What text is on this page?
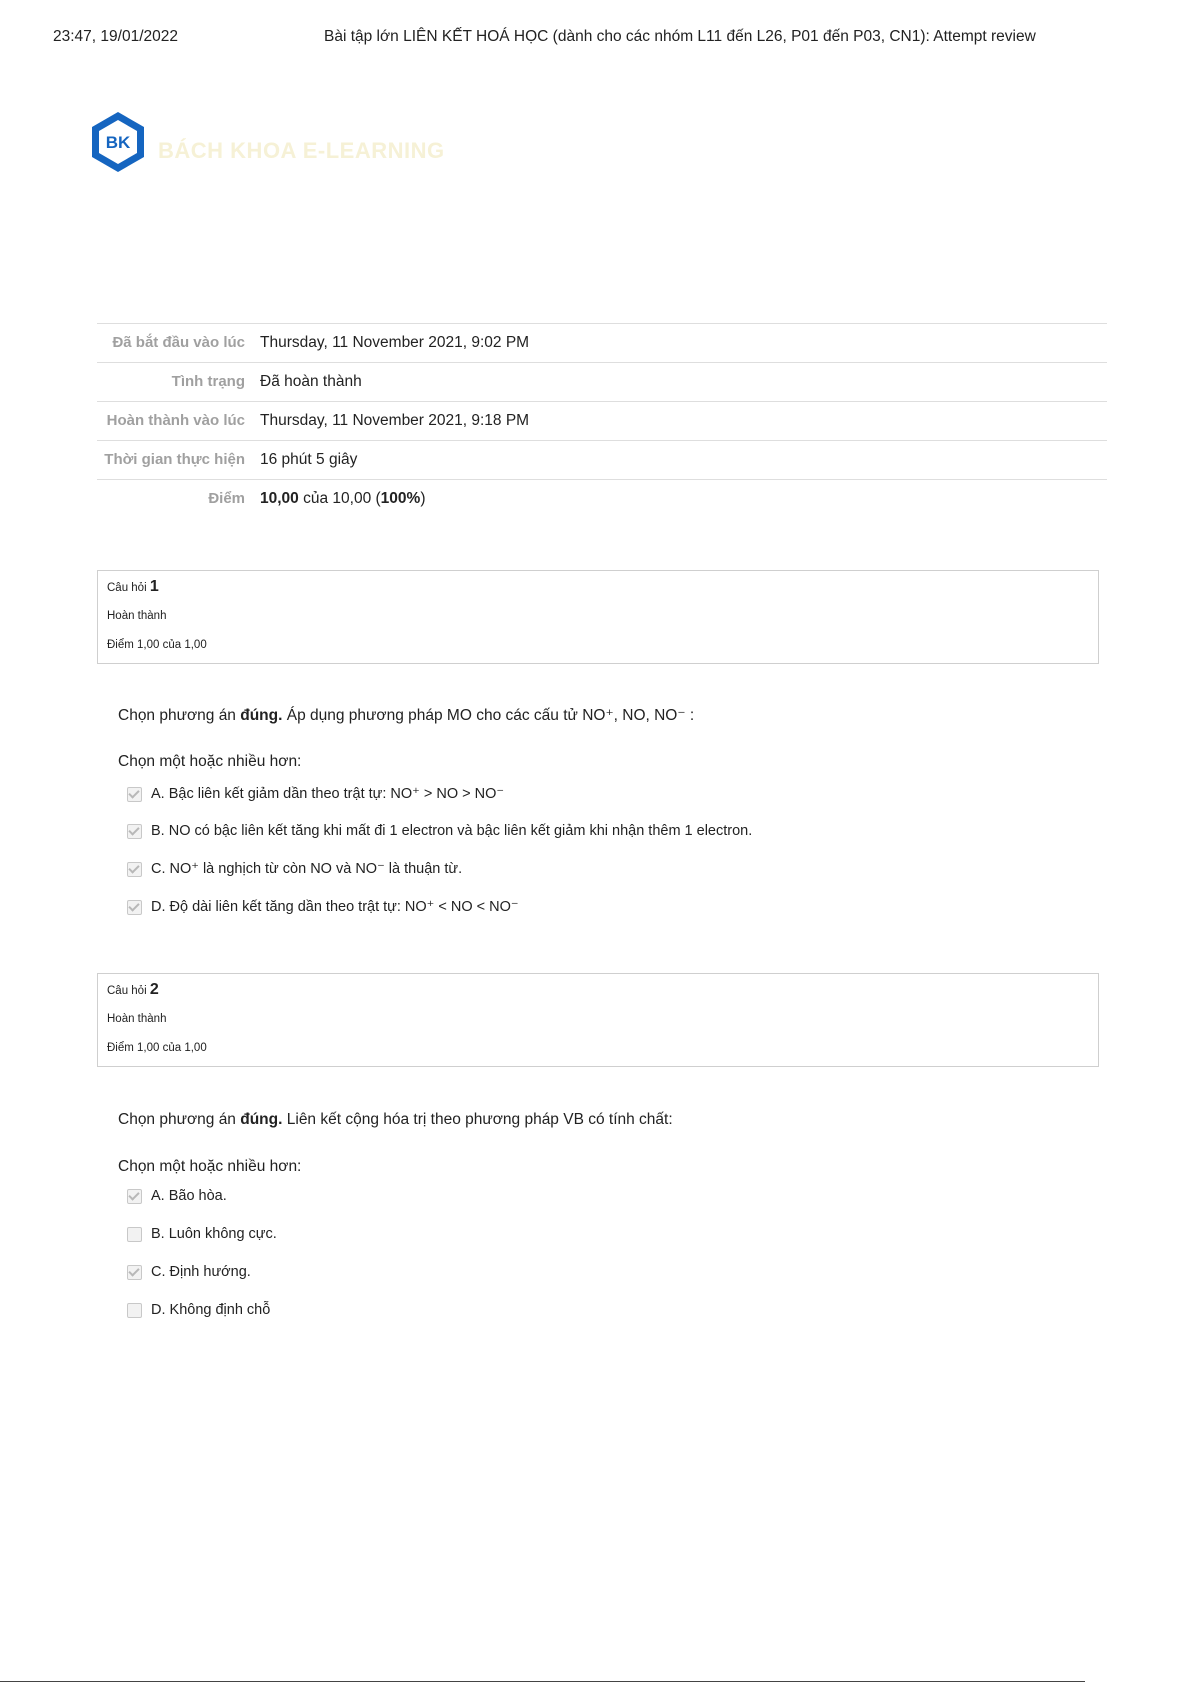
23:47, 19/01/2022	Bài tập lớn LIÊN KẾT HOÁ HỌC (dành cho các nhóm L11 đến L26, P01 đến P03, CN1): Attempt review
BK BÁCH KHOA E-LEARNING
Đã bắt đầu vào lúc	Thursday, 11 November 2021, 9:02 PM
Tình trạng	Đã hoàn thành
Hoàn thành vào lúc	Thursday, 11 November 2021, 9:18 PM
Thời gian thực hiện	16 phút 5 giây
Điểm	10,00 của 10,00 (100%)
Câu hỏi 1
Hoàn thành
Điểm 1,00 của 1,00
Chọn phương án đúng. Áp dụng phương pháp MO cho các cấu tử NO⁺, NO, NO⁻ :
Chọn một hoặc nhiều hơn:
A. Bậc liên kết giảm dần theo trật tự: NO⁺ > NO > NO⁻
B. NO có bậc liên kết tăng khi mất đi 1 electron và bậc liên kết giảm khi nhận thêm 1 electron.
C. NO⁺ là nghịch từ còn NO và NO⁻ là thuận từ.
D. Độ dài liên kết tăng dần theo trật tự: NO⁺ < NO < NO⁻
Câu hỏi 2
Hoàn thành
Điểm 1,00 của 1,00
Chọn phương án đúng. Liên kết cộng hóa trị theo phương pháp VB có tính chất:
Chọn một hoặc nhiều hơn:
A. Bão hòa.
B. Luôn không cực.
C. Định hướng.
D. Không định chỗ
